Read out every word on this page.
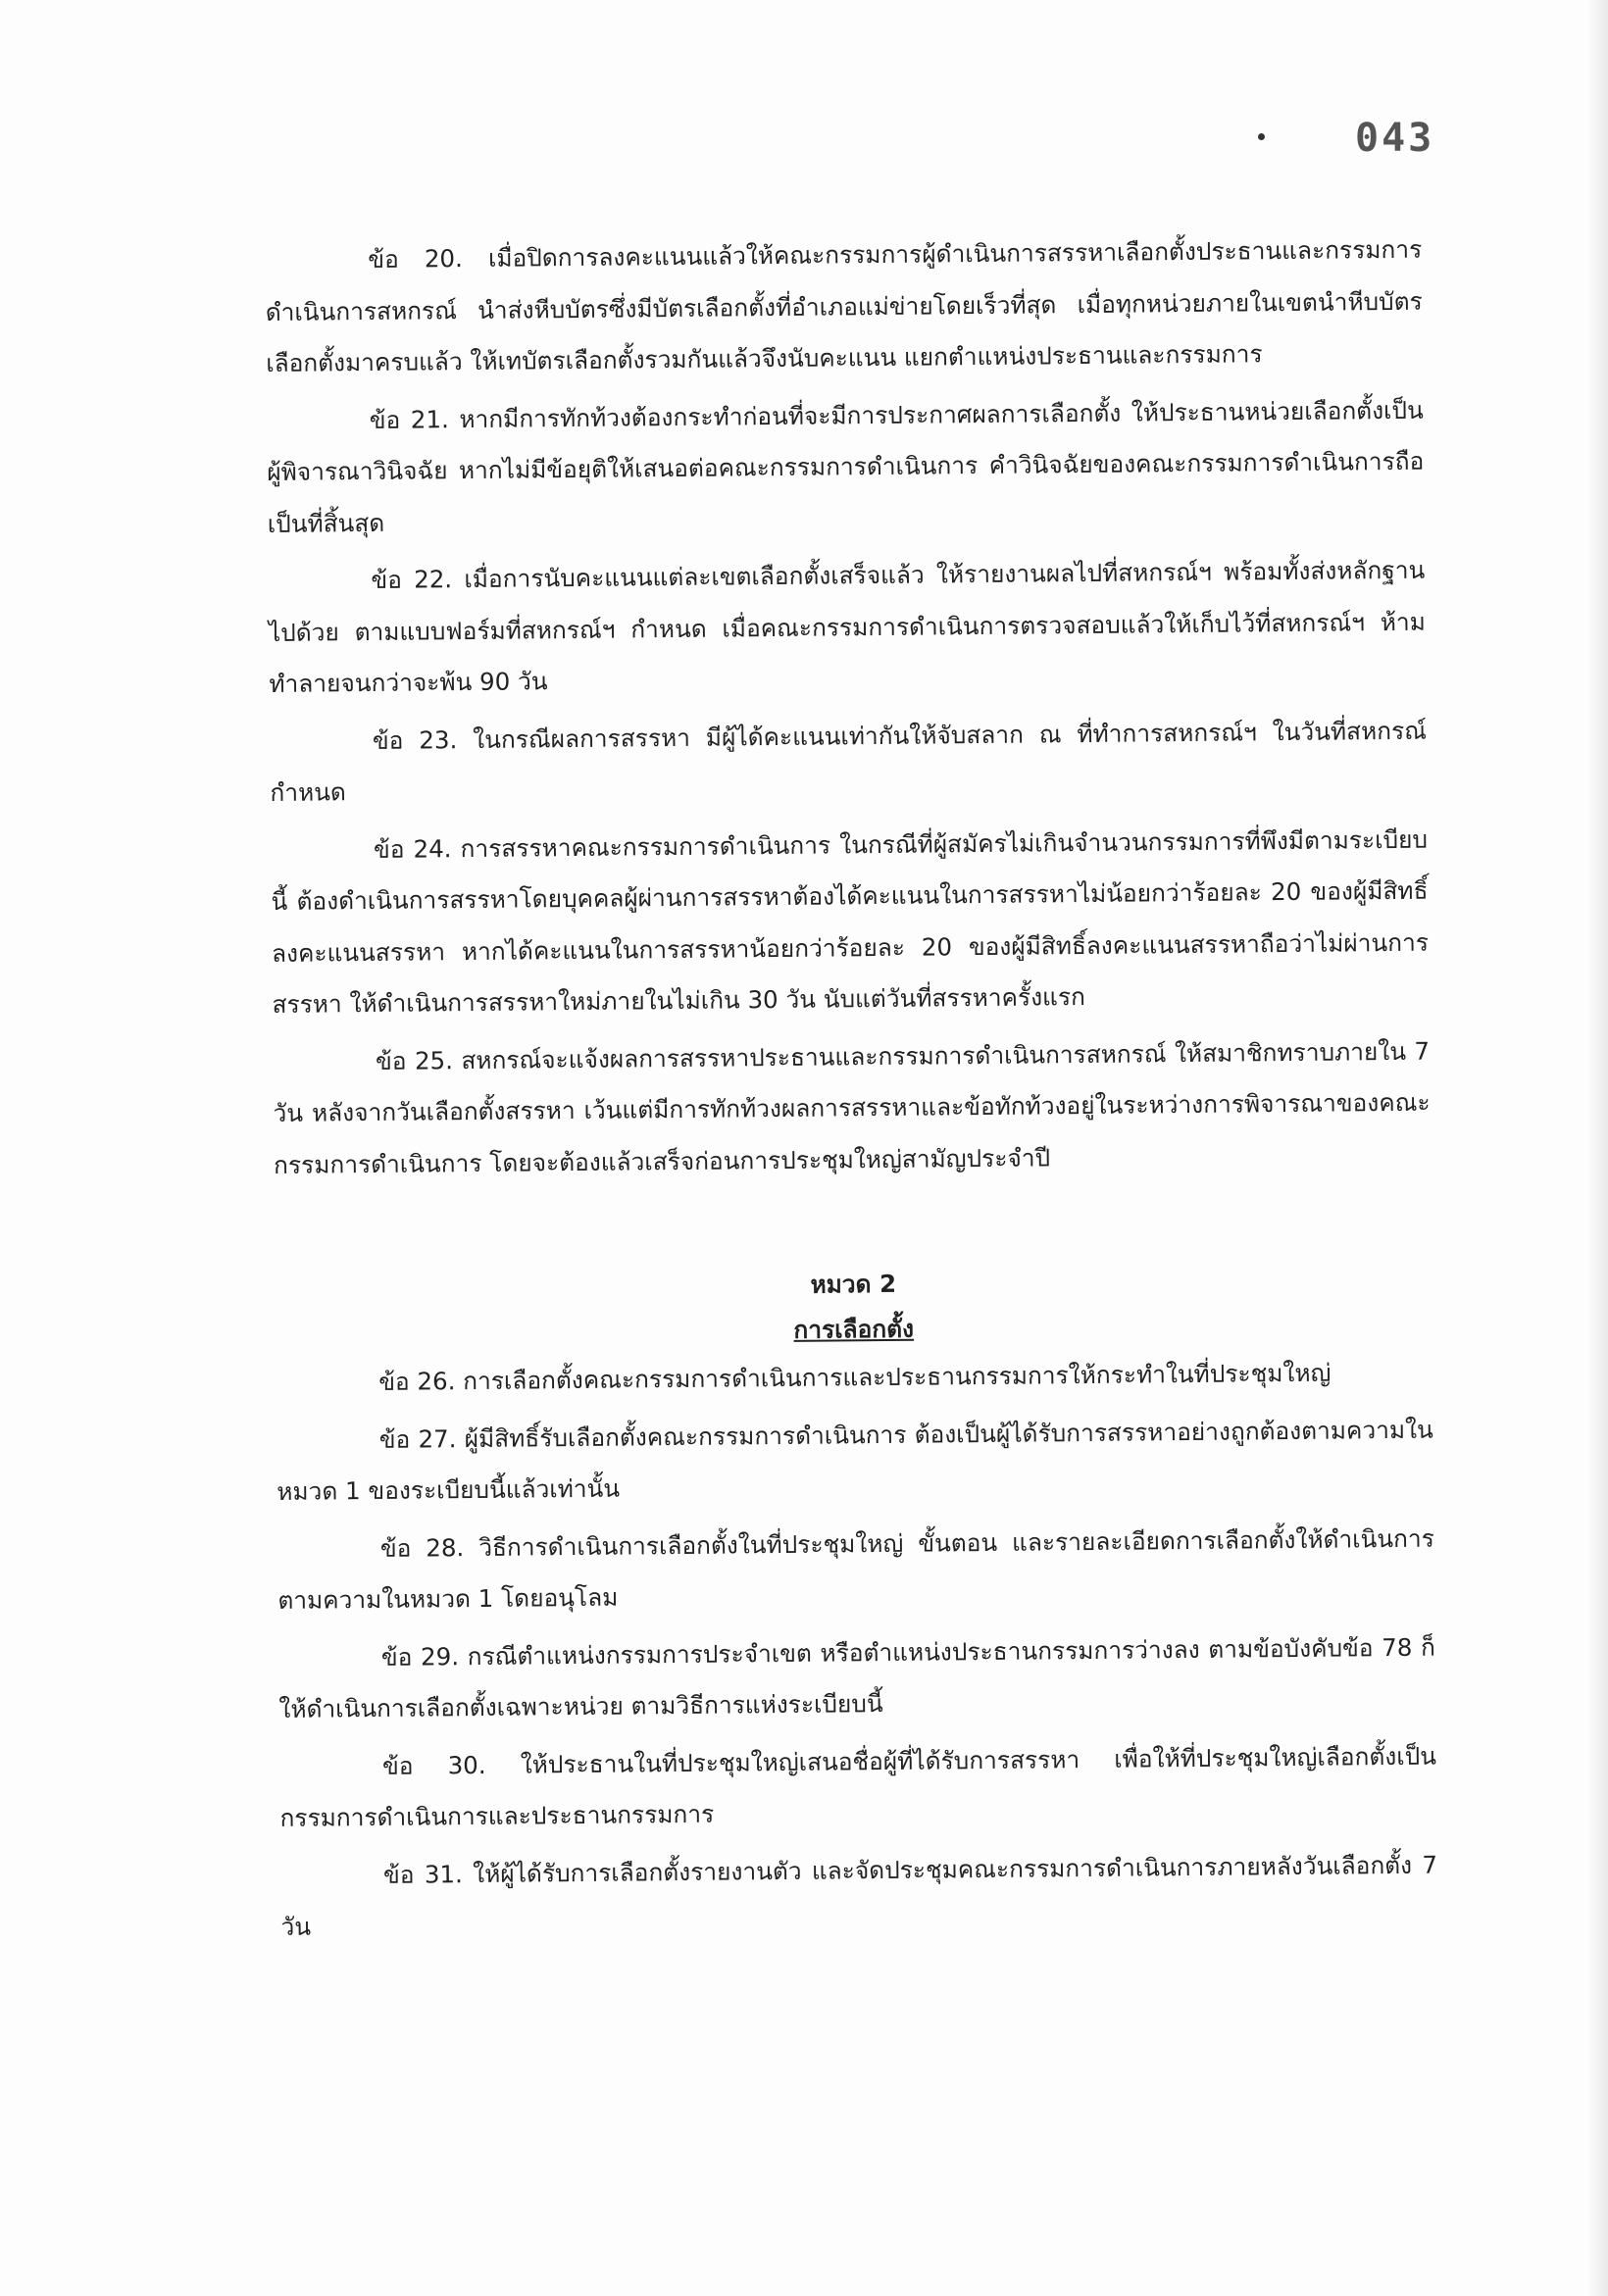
043

ข้อ 20. เมื่อปิดการลงคะแนนแล้วให้คณะกรรมการผู้ดำเนินการสรรหาเลือกตั้งประธานและกรรมการดำเนินการสหกรณ์ นำส่งหีบบัตรซึ่งมีบัตรเลือกตั้งที่อำเภอแม่ข่ายโดยเร็วที่สุด เมื่อทุกหน่วยภายในเขตนำหีบบัตรเลือกตั้งมาครบแล้ว ให้เทบัตรเลือกตั้งรวมกันแล้วจึงนับคะแนน แยกตำแหน่งประธานและกรรมการ

ข้อ 21. หากมีการทักท้วงต้องกระทำก่อนที่จะมีการประกาศผลการเลือกตั้ง ให้ประธานหน่วยเลือกตั้งเป็นผู้พิจารณาวินิจฉัย หากไม่มีข้อยุติให้เสนอต่อคณะกรรมการดำเนินการ คำวินิจฉัยของคณะกรรมการดำเนินการถือเป็นที่สิ้นสุด

ข้อ 22. เมื่อการนับคะแนนแต่ละเขตเลือกตั้งเสร็จแล้ว ให้รายงานผลไปที่สหกรณ์ฯ พร้อมทั้งส่งหลักฐานไปด้วย ตามแบบฟอร์มที่สหกรณ์ฯ กำหนด เมื่อคณะกรรมการดำเนินการตรวจสอบแล้วให้เก็บไว้ที่สหกรณ์ฯ ห้ามทำลายจนกว่าจะพ้น 90 วัน

ข้อ 23. ในกรณีผลการสรรหา มีผู้ได้คะแนนเท่ากันให้จับสลาก ณ ที่ทำการสหกรณ์ฯ ในวันที่สหกรณ์กำหนด

ข้อ 24. การสรรหาคณะกรรมการดำเนินการ ในกรณีที่ผู้สมัครไม่เกินจำนวนกรรมการที่พึงมีตามระเบียบนี้ ต้องดำเนินการสรรหาโดยบุคคลผู้ผ่านการสรรหาต้องได้คะแนนในการสรรหาไม่น้อยกว่าร้อยละ 20 ของผู้มีสิทธิ์ลงคะแนนสรรหา หากได้คะแนนในการสรรหาน้อยกว่าร้อยละ 20 ของผู้มีสิทธิ์ลงคะแนนสรรหาถือว่าไม่ผ่านการสรรหา ให้ดำเนินการสรรหาใหม่ภายในไม่เกิน 30 วัน นับแต่วันที่สรรหาครั้งแรก

ข้อ 25. สหกรณ์จะแจ้งผลการสรรหาประธานและกรรมการดำเนินการสหกรณ์ ให้สมาชิกทราบภายใน 7 วัน หลังจากวันเลือกตั้งสรรหา เว้นแต่มีการทักท้วงผลการสรรหาและข้อทักท้วงอยู่ในระหว่างการพิจารณาของคณะกรรมการดำเนินการ โดยจะต้องแล้วเสร็จก่อนการประชุมใหญ่สามัญประจำปี

หมวด 2
การเลือกตั้ง

ข้อ 26. การเลือกตั้งคณะกรรมการดำเนินการและประธานกรรมการให้กระทำในที่ประชุมใหญ่

ข้อ 27. ผู้มีสิทธิ์รับเลือกตั้งคณะกรรมการดำเนินการ ต้องเป็นผู้ได้รับการสรรหาอย่างถูกต้องตามความในหมวด 1 ของระเบียบนี้แล้วเท่านั้น

ข้อ 28. วิธีการดำเนินการเลือกตั้งในที่ประชุมใหญ่ ขั้นตอน และรายละเอียดการเลือกตั้งให้ดำเนินการตามความในหมวด 1 โดยอนุโลม

ข้อ 29. กรณีตำแหน่งกรรมการประจำเขต หรือตำแหน่งประธานกรรมการว่างลง ตามข้อบังคับข้อ 78 ก็ให้ดำเนินการเลือกตั้งเฉพาะหน่วย ตามวิธีการแห่งระเบียบนี้

ข้อ 30. ให้ประธานในที่ประชุมใหญ่เสนอชื่อผู้ที่ได้รับการสรรหา เพื่อให้ที่ประชุมใหญ่เลือกตั้งเป็นกรรมการดำเนินการและประธานกรรมการ

ข้อ 31. ให้ผู้ได้รับการเลือกตั้งรายงานตัว และจัดประชุมคณะกรรมการดำเนินการภายหลังวันเลือกตั้ง 7 วัน
